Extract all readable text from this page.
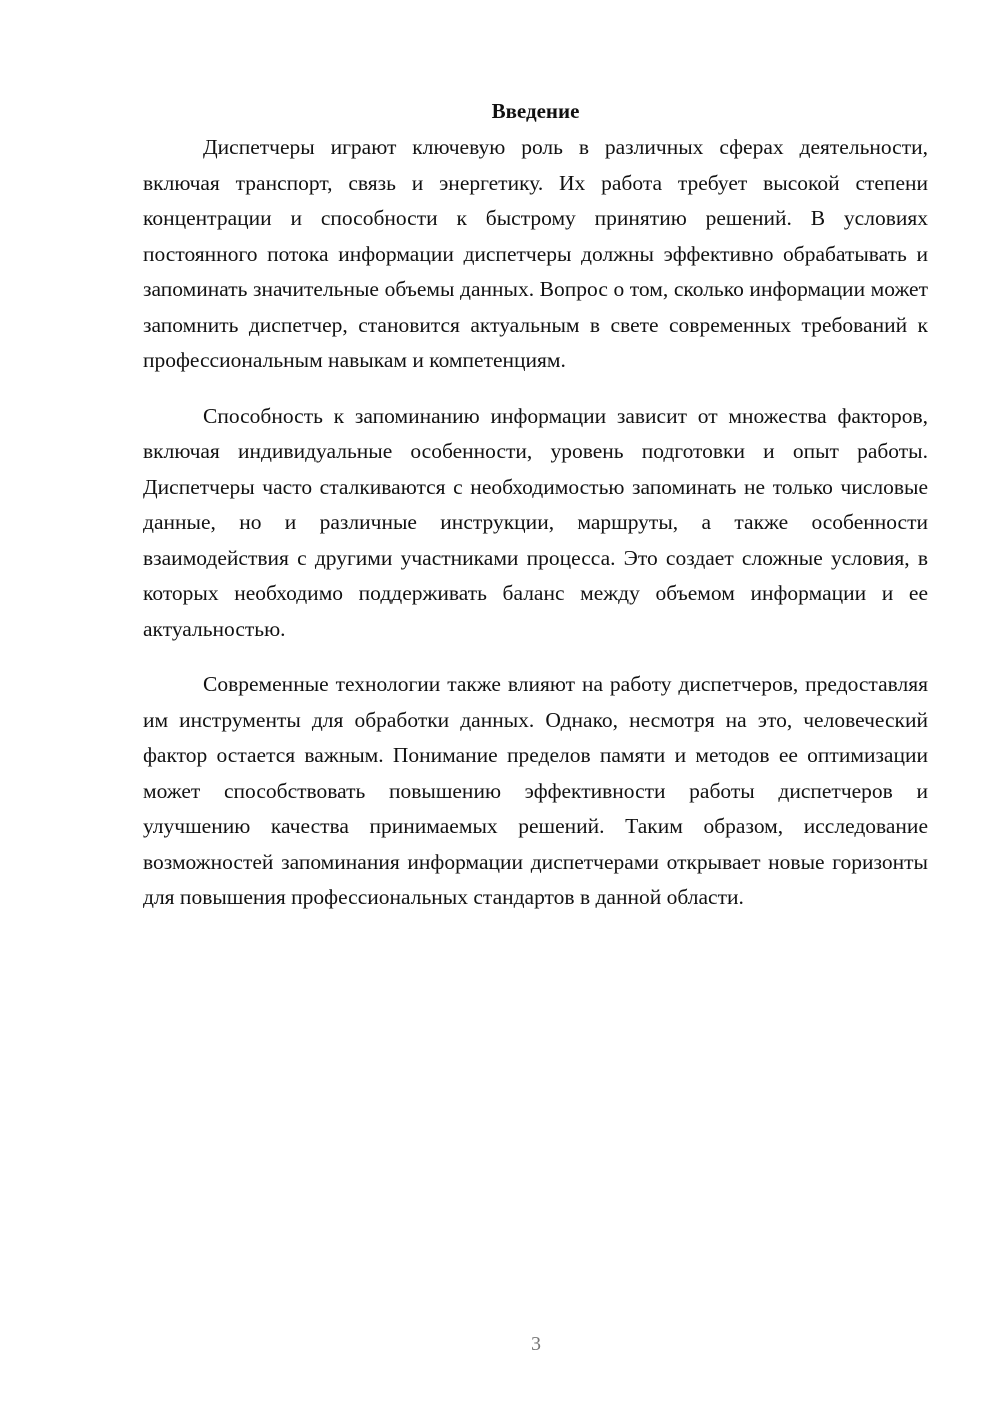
Введение

Диспетчеры играют ключевую роль в различных сферах деятельности, включая транспорт, связь и энергетику. Их работа требует высокой степени концентрации и способности к быстрому принятию решений. В условиях постоянного потока информации диспетчеры должны эффективно обрабатывать и запоминать значительные объемы данных. Вопрос о том, сколько информации может запомнить диспетчер, становится актуальным в свете современных требований к профессиональным навыкам и компетенциям.

Способность к запоминанию информации зависит от множества факторов, включая индивидуальные особенности, уровень подготовки и опыт работы. Диспетчеры часто сталкиваются с необходимостью запоминать не только числовые данные, но и различные инструкции, маршруты, а также особенности взаимодействия с другими участниками процесса. Это создает сложные условия, в которых необходимо поддерживать баланс между объемом информации и ее актуальностью.

Современные технологии также влияют на работу диспетчеров, предоставляя им инструменты для обработки данных. Однако, несмотря на это, человеческий фактор остается важным. Понимание пределов памяти и методов ее оптимизации может способствовать повышению эффективности работы диспетчеров и улучшению качества принимаемых решений. Таким образом, исследование возможностей запоминания информации диспетчерами открывает новые горизонты для повышения профессиональных стандартов в данной области.

3
